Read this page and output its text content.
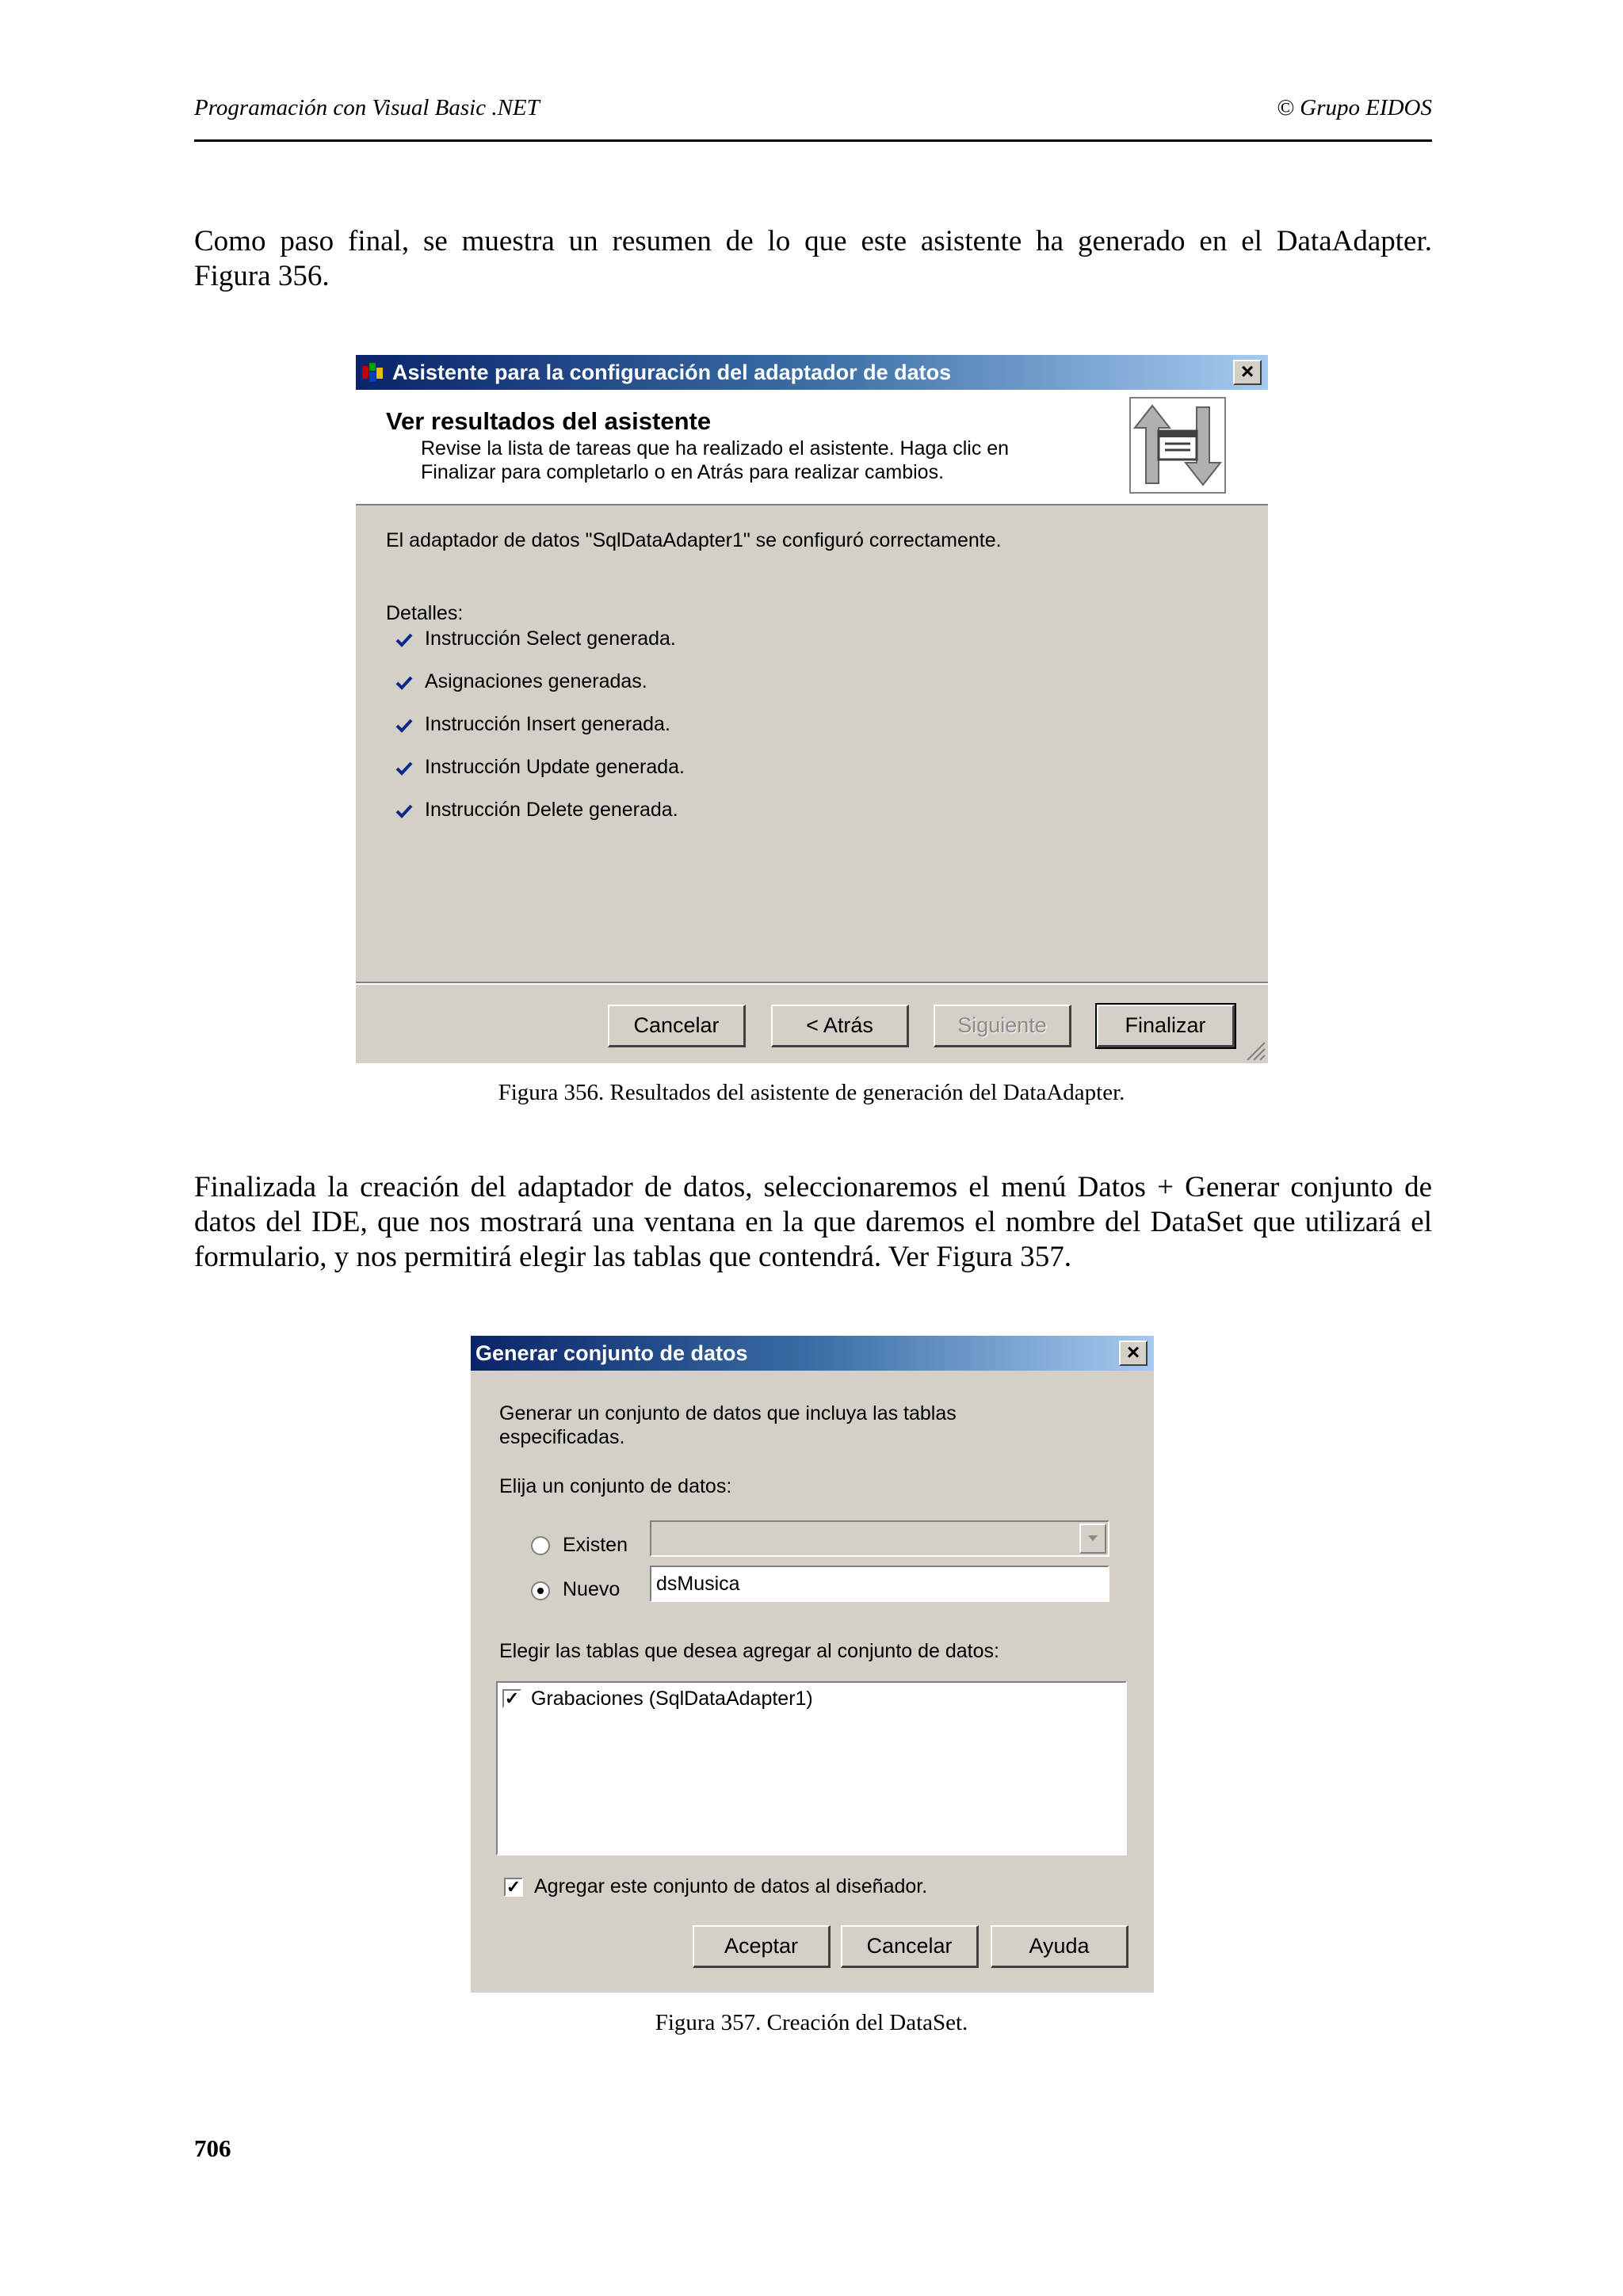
Programación con Visual Basic .NET	© Grupo EIDOS
Como paso final, se muestra un resumen de lo que este asistente ha generado en el DataAdapter.
Figura 356.
Asistente para la configuración del adaptador de datos	×
Ver resultados del asistente
Revise la lista de tareas que ha realizado el asistente. Haga clic en
Finalizar para completarlo o en Atrás para realizar cambios.
El adaptador de datos "SqlDataAdapter1" se configuró correctamente.
Detalles:
Instrucción Select generada.
Asignaciones generadas.
Instrucción Insert generada.
Instrucción Update generada.
Instrucción Delete generada.
Cancelar	< Atrás	Siguiente	Finalizar
Figura 356. Resultados del asistente de generación del DataAdapter.
Finalizada la creación del adaptador de datos, seleccionaremos el menú Datos + Generar conjunto de
datos del IDE, que nos mostrará una ventana en la que daremos el nombre del DataSet que utilizará el
formulario, y nos permitirá elegir las tablas que contendrá. Ver Figura 357.
Generar conjunto de datos	×
Generar un conjunto de datos que incluya las tablas
especificadas.
Elija un conjunto de datos:
Existen
Nuevo dsMusica
Elegir las tablas que desea agregar al conjunto de datos:
✓ Grabaciones (SqlDataAdapter1)
✓ Agregar este conjunto de datos al diseñador.
Aceptar	Cancelar	Ayuda
Figura 357. Creación del DataSet.
706
